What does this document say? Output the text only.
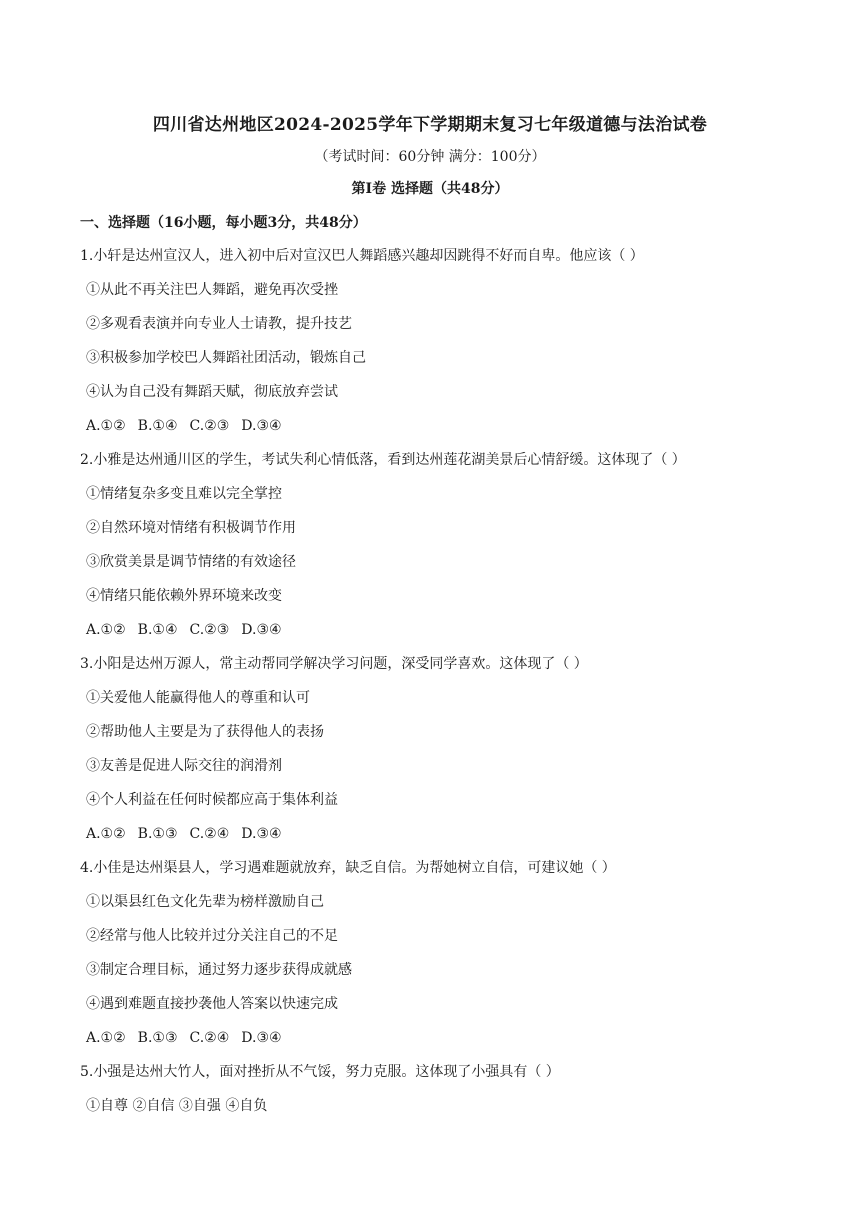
四川省达州地区2024-2025学年下学期期末复习七年级道德与法治试卷
（考试时间：60分钟 满分：100分）
第Ⅰ卷 选择题（共48分）
一、选择题（16小题，每小题3分，共48分）
1.小轩是达州宣汉人，进入初中后对宣汉巴人舞蹈感兴趣却因跳得不好而自卑。他应该（ ）
①从此不再关注巴人舞蹈，避免再次受挫
②多观看表演并向专业人士请教，提升技艺
③积极参加学校巴人舞蹈社团活动，锻炼自己
④认为自己没有舞蹈天赋，彻底放弃尝试
A.①② B.①④ C.②③ D.③④
2.小雅是达州通川区的学生，考试失利心情低落，看到达州莲花湖美景后心情舒缓。这体现了（ ）
①情绪复杂多变且难以完全掌控
②自然环境对情绪有积极调节作用
③欣赏美景是调节情绪的有效途径
④情绪只能依赖外界环境来改变
A.①② B.①④ C.②③ D.③④
3.小阳是达州万源人，常主动帮同学解决学习问题，深受同学喜欢。这体现了（ ）
①关爱他人能赢得他人的尊重和认可
②帮助他人主要是为了获得他人的表扬
③友善是促进人际交往的润滑剂
④个人利益在任何时候都应高于集体利益
A.①② B.①③ C.②④ D.③④
4.小佳是达州渠县人，学习遇难题就放弃，缺乏自信。为帮她树立自信，可建议她（ ）
①以渠县红色文化先辈为榜样激励自己
②经常与他人比较并过分关注自己的不足
③制定合理目标，通过努力逐步获得成就感
④遇到难题直接抄袭他人答案以快速完成
A.①② B.①③ C.②④ D.③④
5.小强是达州大竹人，面对挫折从不气馁，努力克服。这体现了小强具有（ ）
①自尊 ②自信 ③自强 ④自负
